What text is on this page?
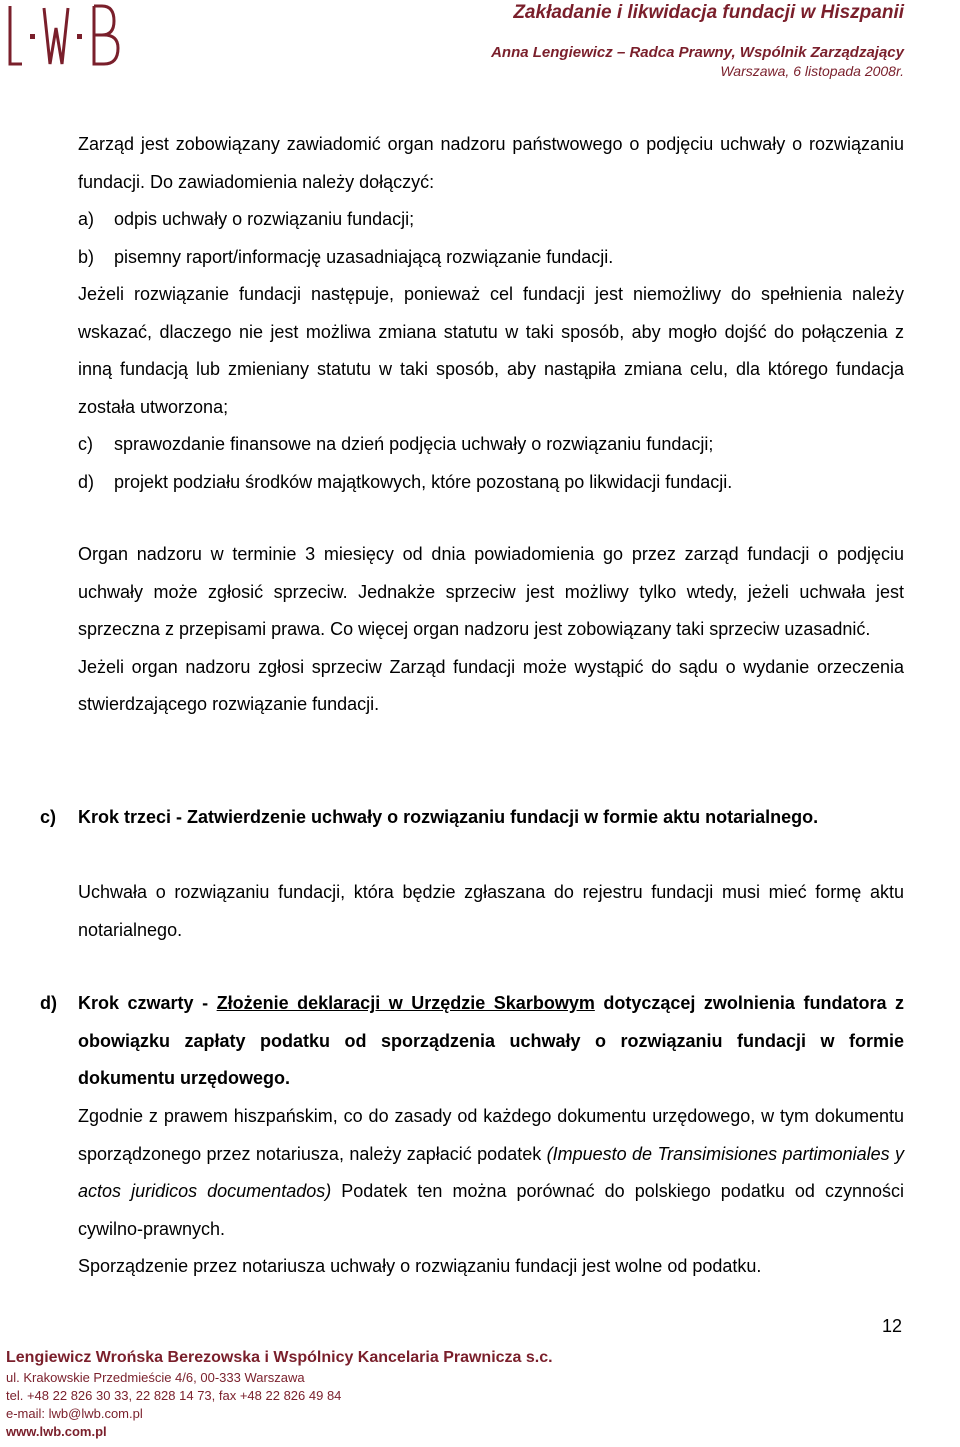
Zakładanie i likwidacja fundacji w Hiszpanii
Anna Lengiewicz – Radca Prawny, Wspólnik Zarządzający
Warszawa, 6 listopada 2008r.

Zarząd jest zobowiązany zawiadomić organ nadzoru państwowego o podjęciu uchwały o rozwiązaniu fundacji. Do zawiadomienia należy dołączyć:

a)	odpis uchwały o rozwiązaniu fundacji;
b)	pisemny raport/informację uzasadniającą rozwiązanie fundacji.

Jeżeli rozwiązanie fundacji następuje, ponieważ cel fundacji jest niemożliwy do spełnienia należy wskazać, dlaczego nie jest możliwa zmiana statutu w taki sposób, aby mogło dojść do połączenia z inną fundacją lub zmieniany statutu w taki sposób, aby nastąpiła zmiana celu, dla którego fundacja została utworzona;

c)	sprawozdanie finansowe na dzień podjęcia uchwały o rozwiązaniu fundacji;
d)	projekt podziału środków majątkowych, które pozostaną po likwidacji fundacji.

Organ nadzoru w terminie 3 miesięcy od dnia powiadomienia go przez zarząd fundacji o podjęciu uchwały może zgłosić sprzeciw. Jednakże sprzeciw jest możliwy tylko wtedy, jeżeli uchwała jest sprzeczna z przepisami prawa. Co więcej organ nadzoru jest zobowiązany taki sprzeciw uzasadnić.

Jeżeli organ nadzoru zgłosi sprzeciw Zarząd fundacji może wystąpić do sądu o wydanie orzeczenia stwierdzającego rozwiązanie fundacji.

c) Krok trzeci - Zatwierdzenie uchwały o rozwiązaniu fundacji w formie aktu notarialnego.

Uchwała o rozwiązaniu fundacji, która będzie zgłaszana do rejestru fundacji musi mieć formę aktu notarialnego.

d) Krok czwarty - Złożenie deklaracji w Urzędzie Skarbowym dotyczącej zwolnienia fundatora z obowiązku zapłaty podatku od sporządzenia uchwały o rozwiązaniu fundacji w formie dokumentu urzędowego.

Zgodnie z prawem hiszpańskim, co do zasady od każdego dokumentu urzędowego, w tym dokumentu sporządzonego przez notariusza, należy zapłacić podatek (Impuesto de Transimisiones partimoniales y actos juridicos documentados) Podatek ten można porównać do polskiego podatku od czynności cywilno-prawnych.

Sporządzenie przez notariusza uchwały o rozwiązaniu fundacji jest wolne od podatku.

12
Lengiewicz Wrońska Berezowska i Wspólnicy Kancelaria Prawnicza s.c.
ul. Krakowskie Przedmieście 4/6, 00-333 Warszawa
tel. +48 22 826 30 33, 22 828 14 73, fax +48 22 826 49 84
e-mail: lwb@lwb.com.pl
www.lwb.com.pl
